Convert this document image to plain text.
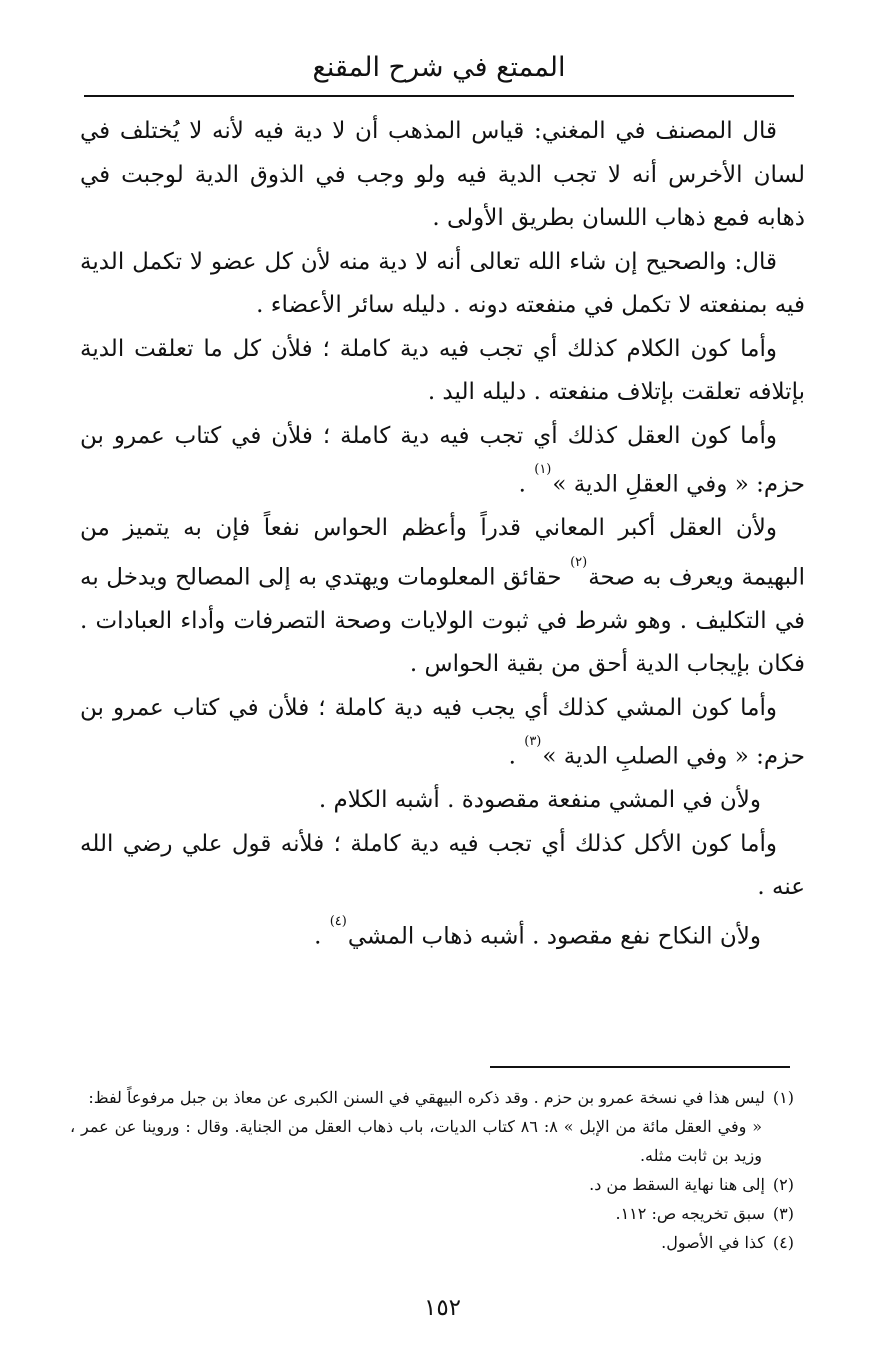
الممتع في شرح المقنع

قال المصنف في المغني: قياس المذهب أن لا دية فيه لأنه لا يُختلف في لسان الأخرس أنه لا تجب الدية فيه ولو وجب في الذوق الدية لوجبت في ذهابه فمع ذهاب اللسان بطريق الأولى .

قال: والصحيح إن شاء الله تعالى أنه لا دية منه لأن كل عضو لا تكمل الدية فيه بمنفعته لا تكمل في منفعته دونه . دليله سائر الأعضاء .

وأما كون الكلام كذلك أي تجب فيه دية كاملة ؛ فلأن كل ما تعلقت الدية بإتلافه تعلقت بإتلاف منفعته . دليله اليد .

وأما كون العقل كذلك أي تجب فيه دية كاملة ؛ فلأن في كتاب عمرو بن حزم: « وفي العقلِ الدية »$^{(١)}$ .

ولأن العقل أكبر المعاني قدراً وأعظم الحواس نفعاً فإن به يتميز من البهيمة ويعرف به صحة$^{(٢)}$ حقائق المعلومات ويهتدي به إلى المصالح ويدخل به في التكليف . وهو شرط في ثبوت الولايات وصحة التصرفات وأداء العبادات . فكان بإيجاب الدية أحق من بقية الحواس .

وأما كون المشي كذلك أي يجب فيه دية كاملة ؛ فلأن في كتاب عمرو بن حزم: « وفي الصلبِ الدية »$^{(٣)}$ .

ولأن في المشي منفعة مقصودة . أشبه الكلام .

وأما كون الأكل كذلك أي تجب فيه دية كاملة ؛ فلأنه قول علي رضي الله عنه .

ولأن النكاح نفع مقصود . أشبه ذهاب المشي$^{(٤)}$ .

(١)ليس هذا في نسخة عمرو بن حزم . وقد ذكره البيهقي في السنن الكبرى عن معاذ بن جبل مرفوعاً لفظ:

« وفي العقل مائة من الإبل » ٨: ٨٦ كتاب الديات، باب ذهاب العقل من الجناية. وقال : وروينا عن عمر ، وزيد بن ثابت مثله.

(٢)إلى هنا نهاية السقط من د.

(٣)سبق تخريجه ص: ١١٢.

(٤)كذا في الأصول.

١٥٢
